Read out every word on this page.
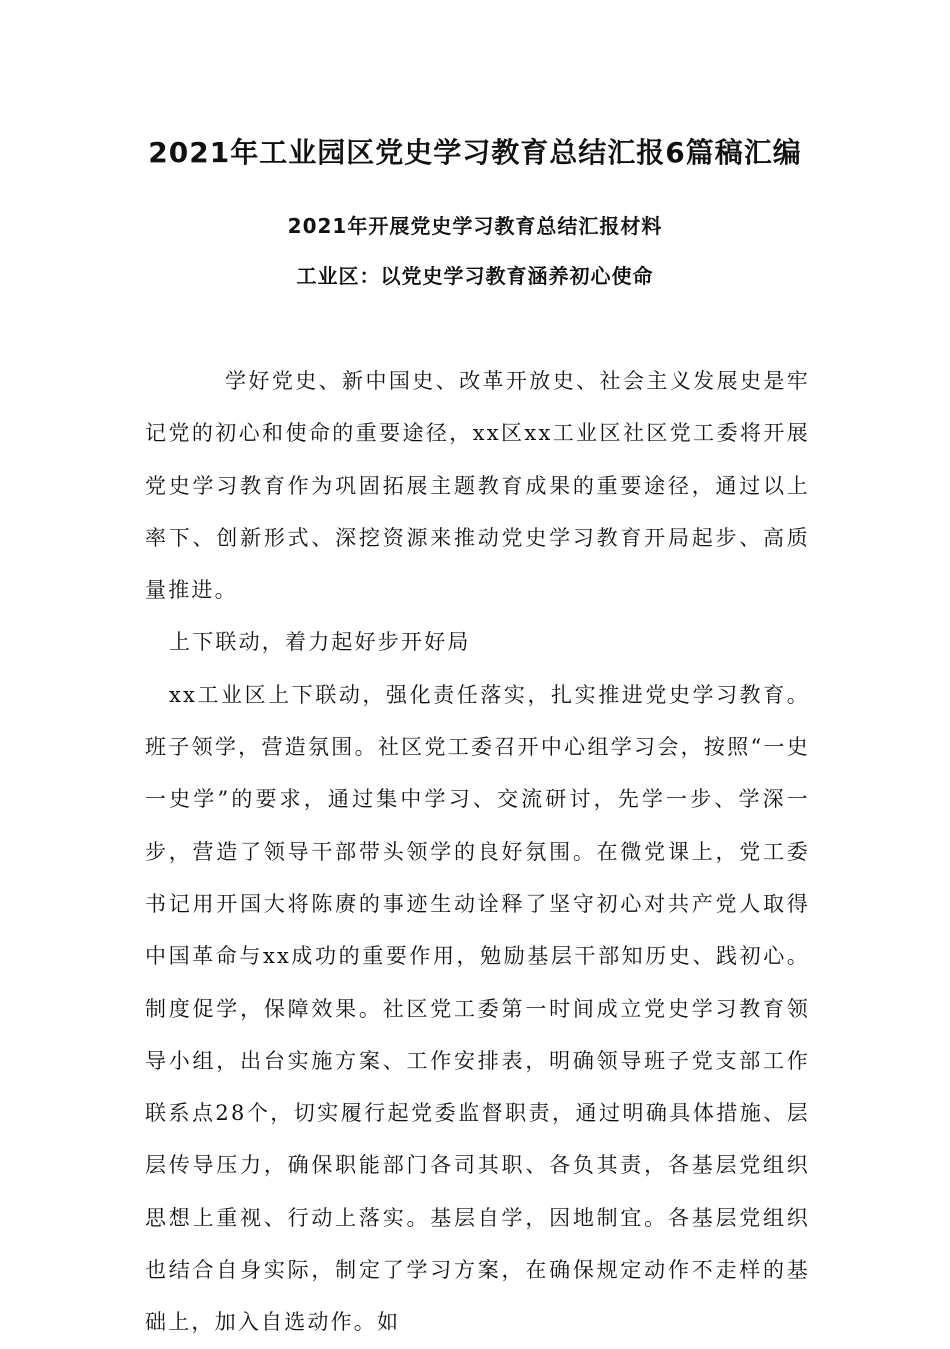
2021年工业园区党史学习教育总结汇报6篇稿汇编
2021年开展党史学习教育总结汇报材料
工业区：以党史学习教育涵养初心使命

学好党史、新中国史、改革开放史、社会主义发展史是牢记党的初心和使命的重要途径，xx区xx工业区社区党工委将开展党史学习教育作为巩固拓展主题教育成果的重要途径，通过以上率下、创新形式、深挖资源来推动党史学习教育开局起步、高质量推进。

上下联动，着力起好步开好局

xx工业区上下联动，强化责任落实，扎实推进党史学习教育。班子领学，营造氛围。社区党工委召开中心组学习会，按照“一史一史学”的要求，通过集中学习、交流研讨，先学一步、学深一步，营造了领导干部带头领学的良好氛围。在微党课上，党工委书记用开国大将陈赓的事迹生动诠释了坚守初心对共产党人取得中国革命与xx成功的重要作用，勉励基层干部知历史、践初心。制度促学，保障效果。社区党工委第一时间成立党史学习教育领导小组，出台实施方案、工作安排表，明确领导班子党支部工作联系点28个，切实履行起党委监督职责，通过明确具体措施、层层传导压力，确保职能部门各司其职、各负其责，各基层党组织思想上重视、行动上落实。基层自学，因地制宜。各基层党组织也结合自身实际，制定了学习方案，在确保规定动作不走样的基础上，加入自选动作。如
